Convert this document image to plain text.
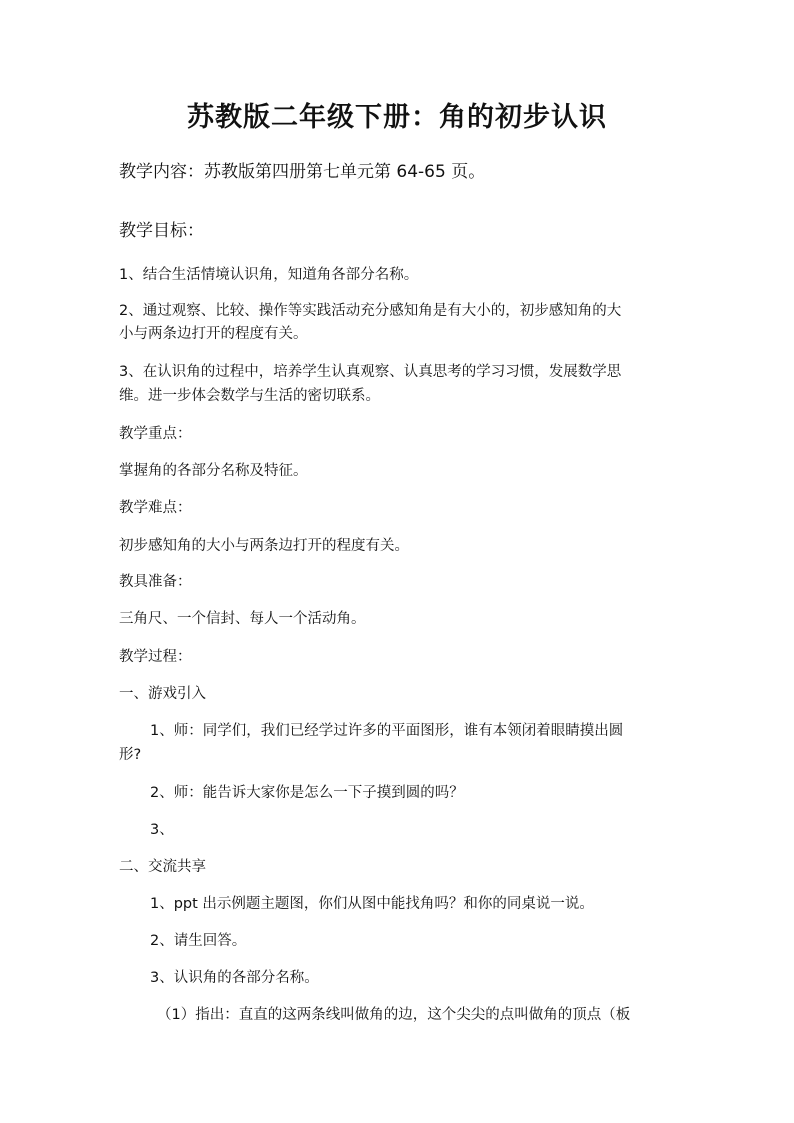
苏教版二年级下册：角的初步认识
教学内容：苏教版第四册第七单元第 64-65 页。
教学目标：
1、结合生活情境认识角，知道角各部分名称。
2、通过观察、比较、操作等实践活动充分感知角是有大小的，初步感知角的大
小与两条边打开的程度有关。
3、在认识角的过程中，培养学生认真观察、认真思考的学习习惯，发展数学思
维。进一步体会数学与生活的密切联系。
教学重点：
掌握角的各部分名称及特征。
教学难点：
初步感知角的大小与两条边打开的程度有关。
教具准备：
三角尺、一个信封、每人一个活动角。
教学过程：
一、游戏引入
1、师：同学们，我们已经学过许多的平面图形，谁有本领闭着眼睛摸出圆
形?
2、师：能告诉大家你是怎么一下子摸到圆的吗？
3、
二、交流共享
1、ppt 出示例题主题图，你们从图中能找角吗？和你的同桌说一说。
2、请生回答。
3、认识角的各部分名称。
（1）指出：直直的这两条线叫做角的边，这个尖尖的点叫做角的顶点（板
